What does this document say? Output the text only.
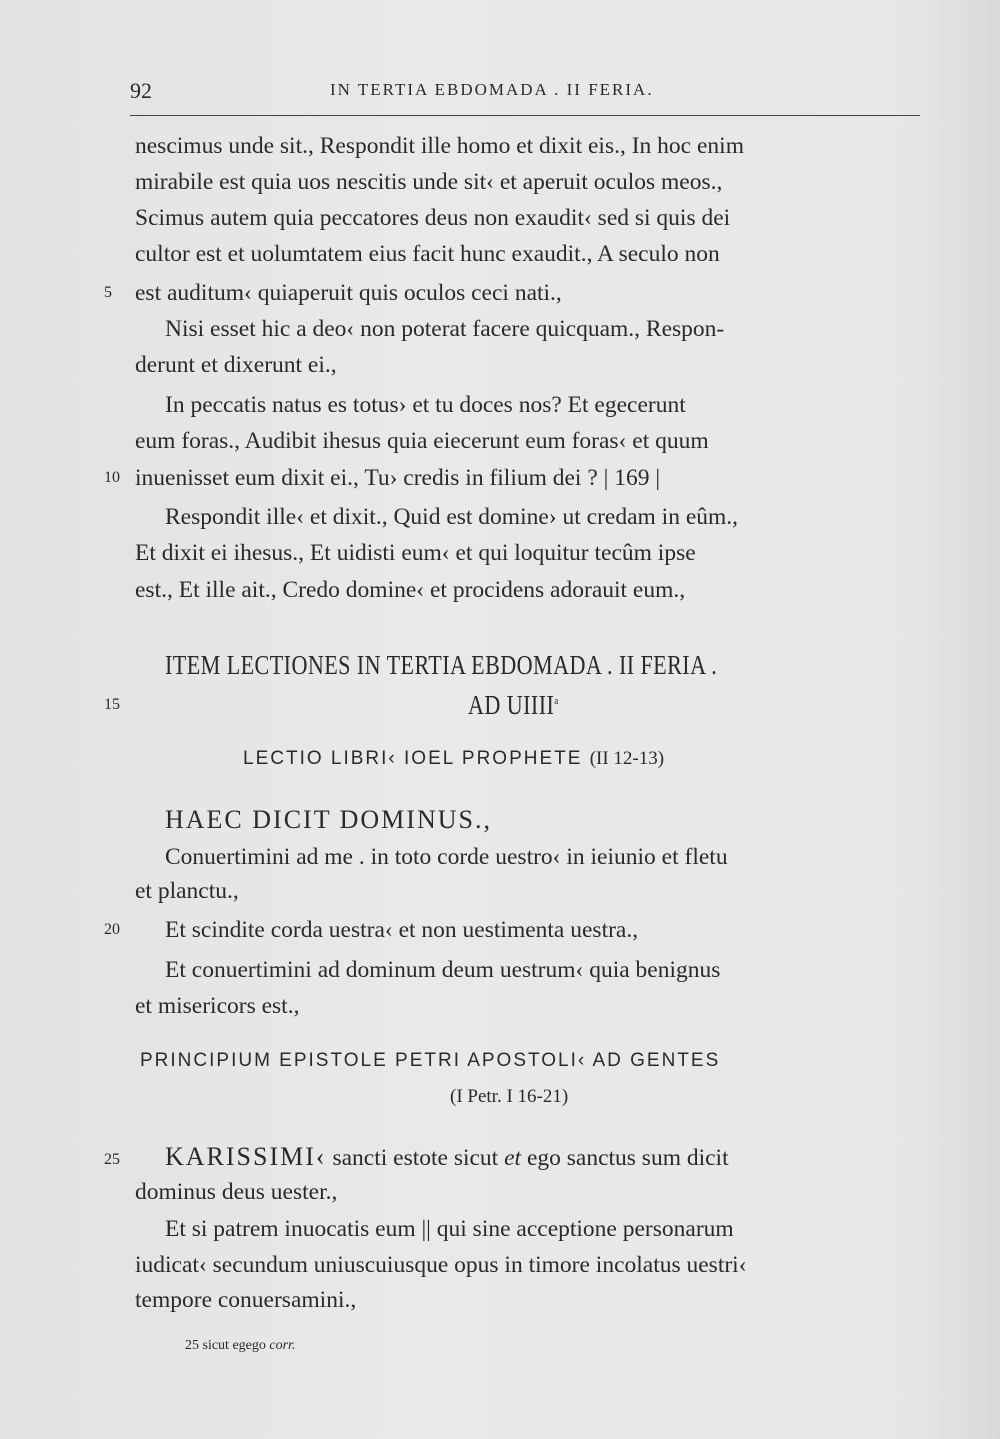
92	IN TERTIA EBDOMADA . II FERIA.
nescimus unde sit., Respondit ille homo et dixit eis., In hoc enim
mirabile est quia uos nescitis unde sit‹ et aperuit oculos meos.,
Scimus autem quia peccatores deus non exaudit‹ sed si quis dei
cultor est et uolumtatem eius facit hunc exaudit., A seculo non
5 est auditum‹ quiaperuit quis oculos ceci nati.,
Nisi esset hic a deo‹ non poterat facere quicquam., Respon-
derunt et dixerunt ei.,
In peccatis natus es totus› et tu doces nos? Et egecerunt
eum foras., Audibit ihesus quia eiecerunt eum foras‹ et quum
10 inuenisset eum dixit ei., Tu› credis in filium dei ? | 169 |
Respondit ille‹ et dixit., Quid est domine› ut credam in eûm.,
Et dixit ei ihesus., Et uidisti eum‹ et qui loquitur tecûm ipse
est., Et ille ait., Credo domine‹ et procidens adorauit eum.,
ITEM LECTIONES IN TERTIA EBDOMADA . II FERIA .
15	AD UIIII$^a$
LECTIO LIBRI‹ IOEL PROPHETE (II 12-13)
HAEC DICIT DOMINUS.,
Conuertimini ad me . in toto corde uestro‹ in ieiunio et fletu
et planctu.,
20 Et scindite corda uestra‹ et non uestimenta uestra.,
Et conuertimini ad dominum deum uestrum‹ quia benignus
et misericors est.,
PRINCIPIUM EPISTOLE PETRI APOSTOLI‹ AD GENTES
(I Petr. I 16-21)
25 KARISSIMI‹ sancti estote sicut et ego sanctus sum dicit
dominus deus uester.,
Et si patrem inuocatis eum || qui sine acceptione personarum
iudicat‹ secundum uniuscuiusque opus in timore incolatus uestri‹
tempore conuersamini.,
25 sicut egego corr.
